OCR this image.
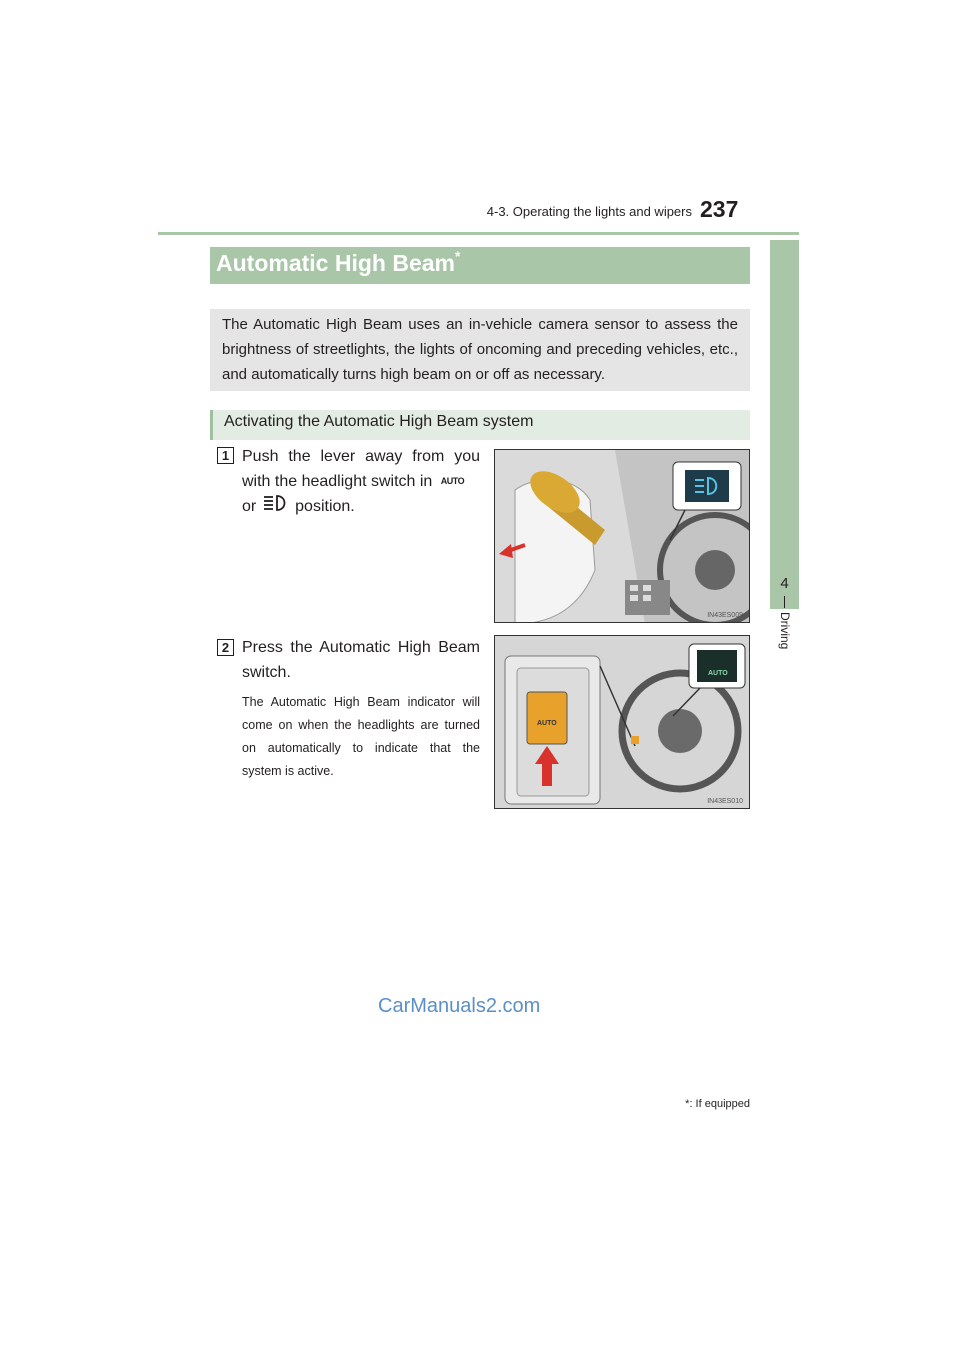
4-3. Operating the lights and wipers 237
4
Driving
Automatic High Beam*
The Automatic High Beam uses an in-vehicle camera sensor to assess the brightness of streetlights, the lights of oncoming and preceding vehicles, etc., and automatically turns high beam on or off as necessary.
Activating the Automatic High Beam system
1 Push the lever away from you with the headlight switch in AUTO
or position.
IN43ES009
2 Press the Automatic High Beam switch.
The Automatic High Beam indicator will come on when the headlights are turned on automatically to indicate that the system is active.
AUTO
AUTO
IN43ES010
CarManuals2.com
*: If equipped
